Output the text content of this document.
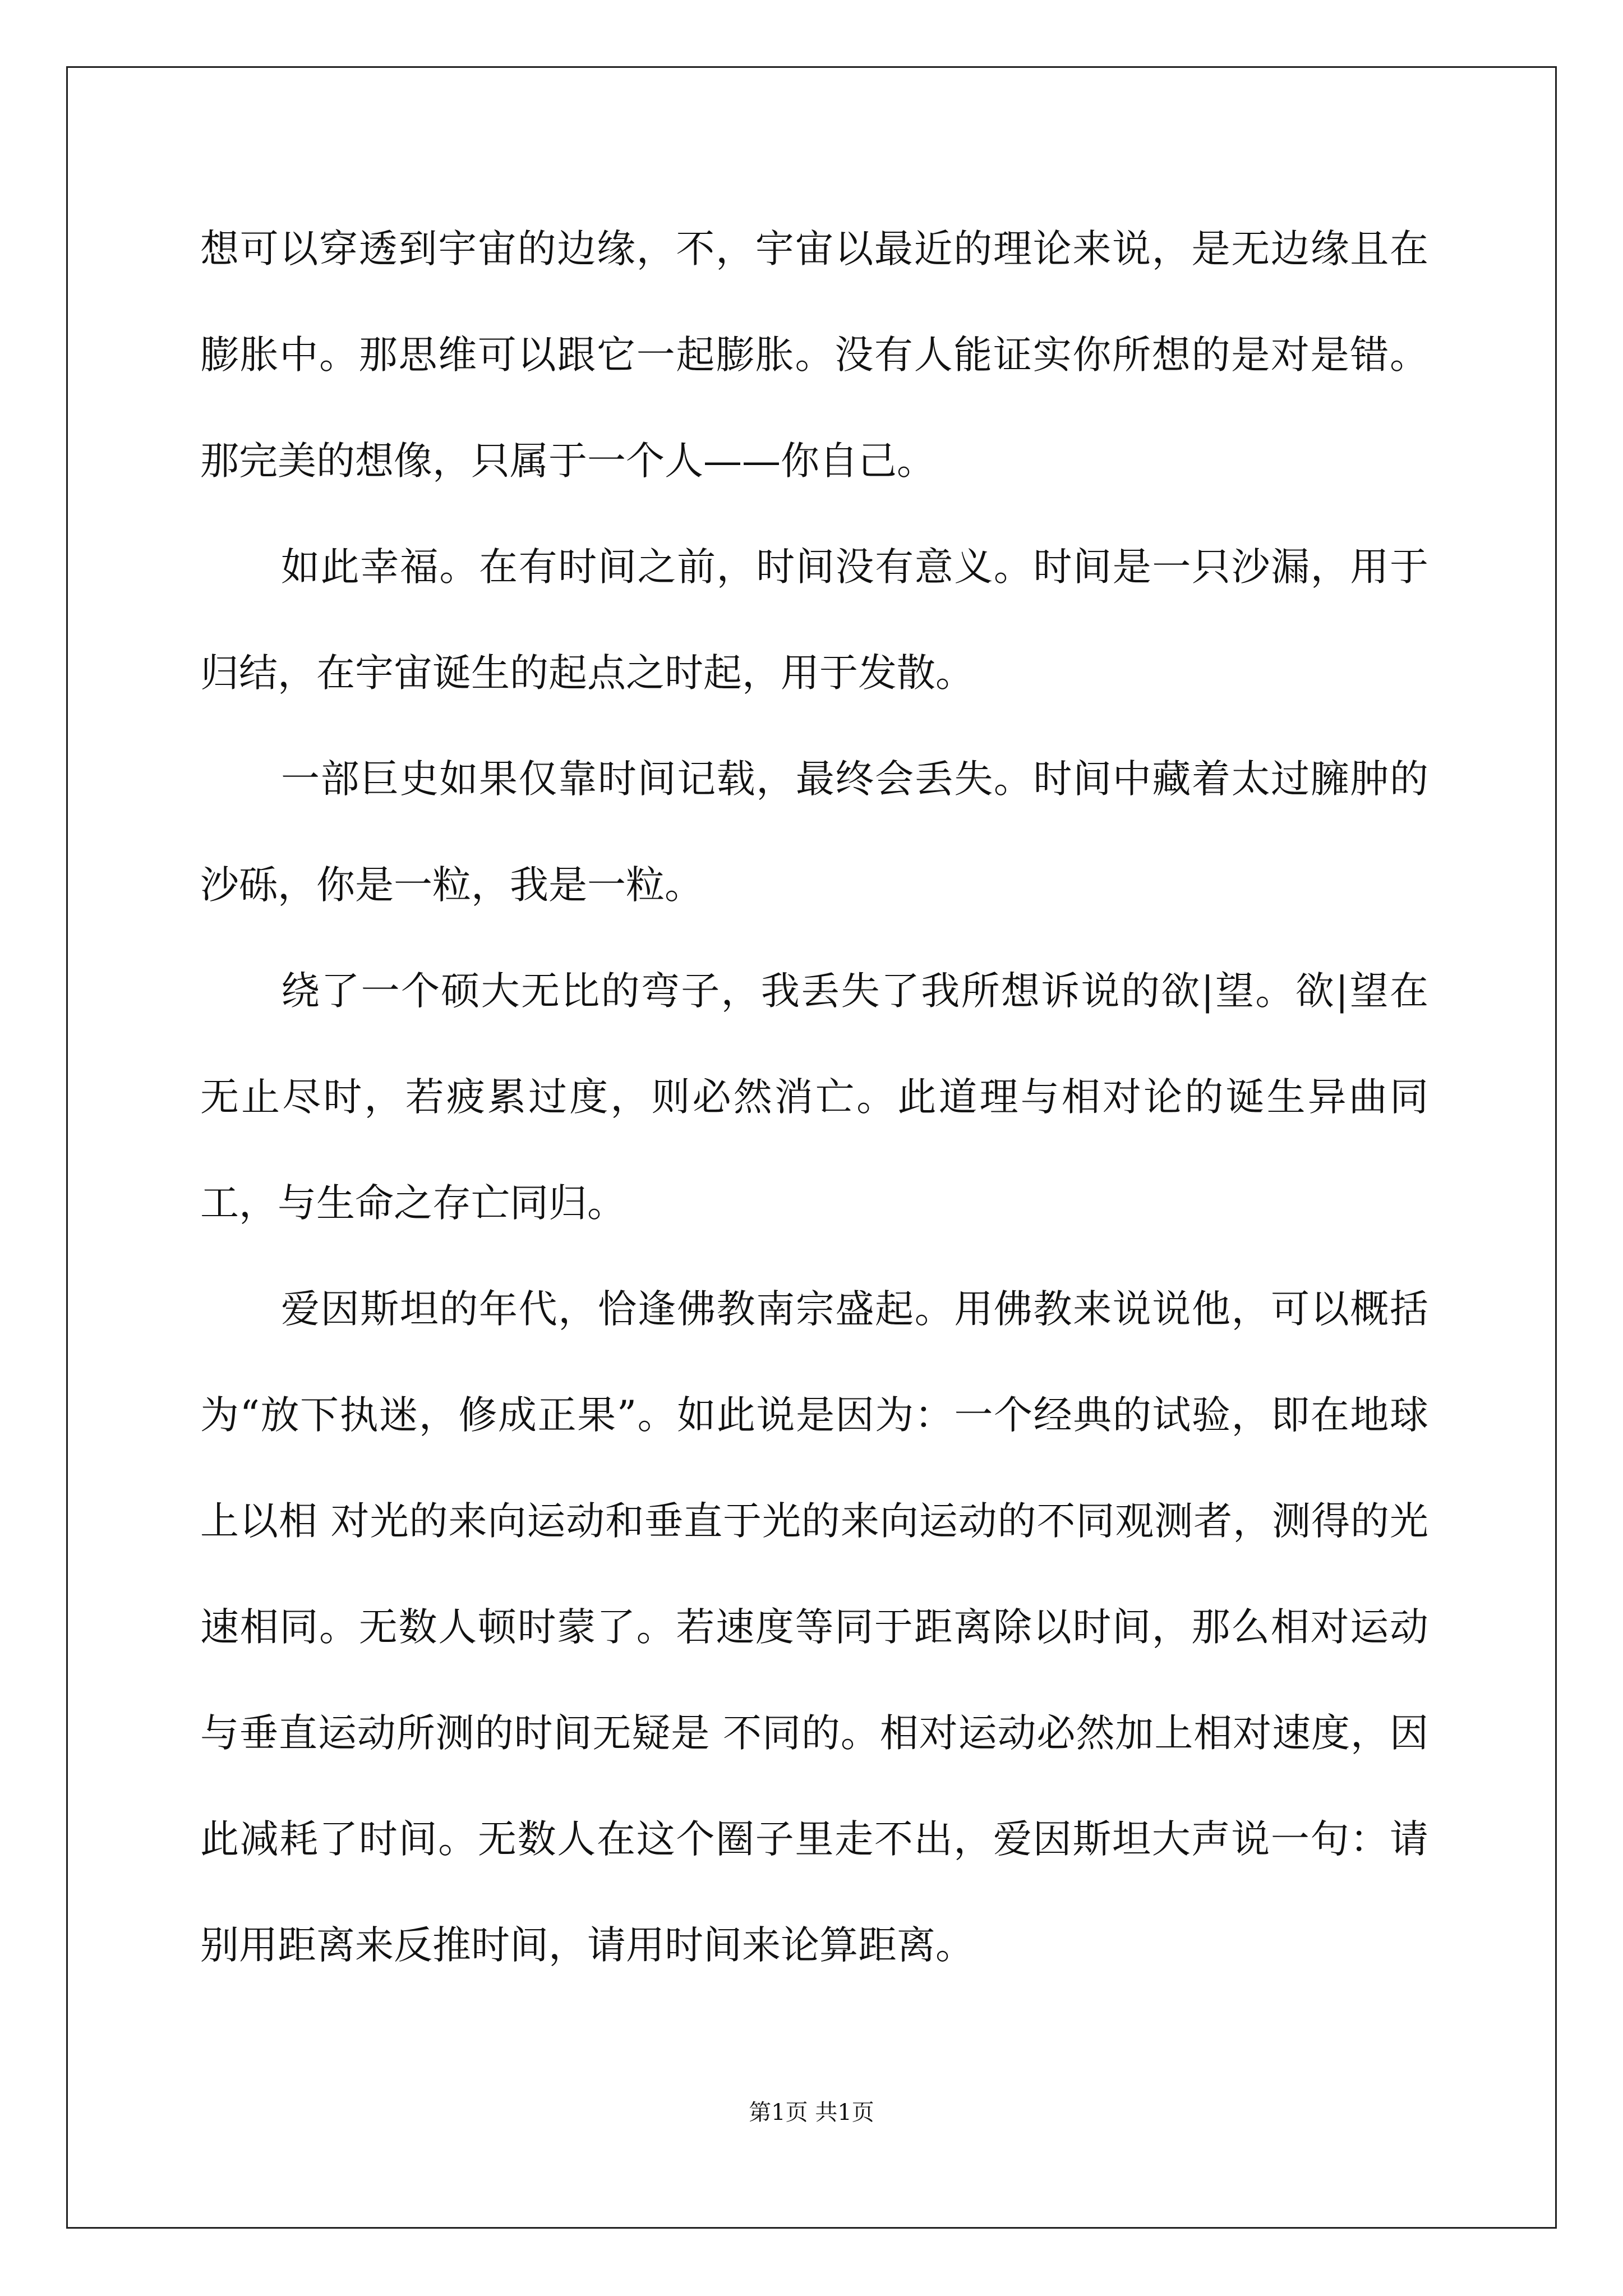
想可以穿透到宇宙的边缘，不，宇宙以最近的理论来说，是无边缘且在膨胀中。那思维可以跟它一起膨胀。没有人能证实你所想的是对是错。那完美的想像，只属于一个人——你自己。

如此幸福。在有时间之前，时间没有意义。时间是一只沙漏，用于归结，在宇宙诞生的起点之时起，用于发散。

一部巨史如果仅靠时间记载，最终会丢失。时间中藏着太过臃肿的沙砾，你是一粒，我是一粒。

绕了一个硕大无比的弯子，我丢失了我所想诉说的欲|望。欲|望在无止尽时，若疲累过度，则必然消亡。此道理与相对论的诞生异曲同工，与生命之存亡同归。

爱因斯坦的年代，恰逢佛教南宗盛起。用佛教来说说他，可以概括为“放下执迷，修成正果”。如此说是因为：一个经典的试验，即在地球上以相 对光的来向运动和垂直于光的来向运动的不同观测者，测得的光速相同。无数人顿时蒙了。若速度等同于距离除以时间，那么相对运动与垂直运动所测的时间无疑是 不同的。相对运动必然加上相对速度，因此减耗了时间。无数人在这个圈子里走不出，爱因斯坦大声说一句：请别用距离来反推时间，请用时间来论算距离。

第1页 共1页
